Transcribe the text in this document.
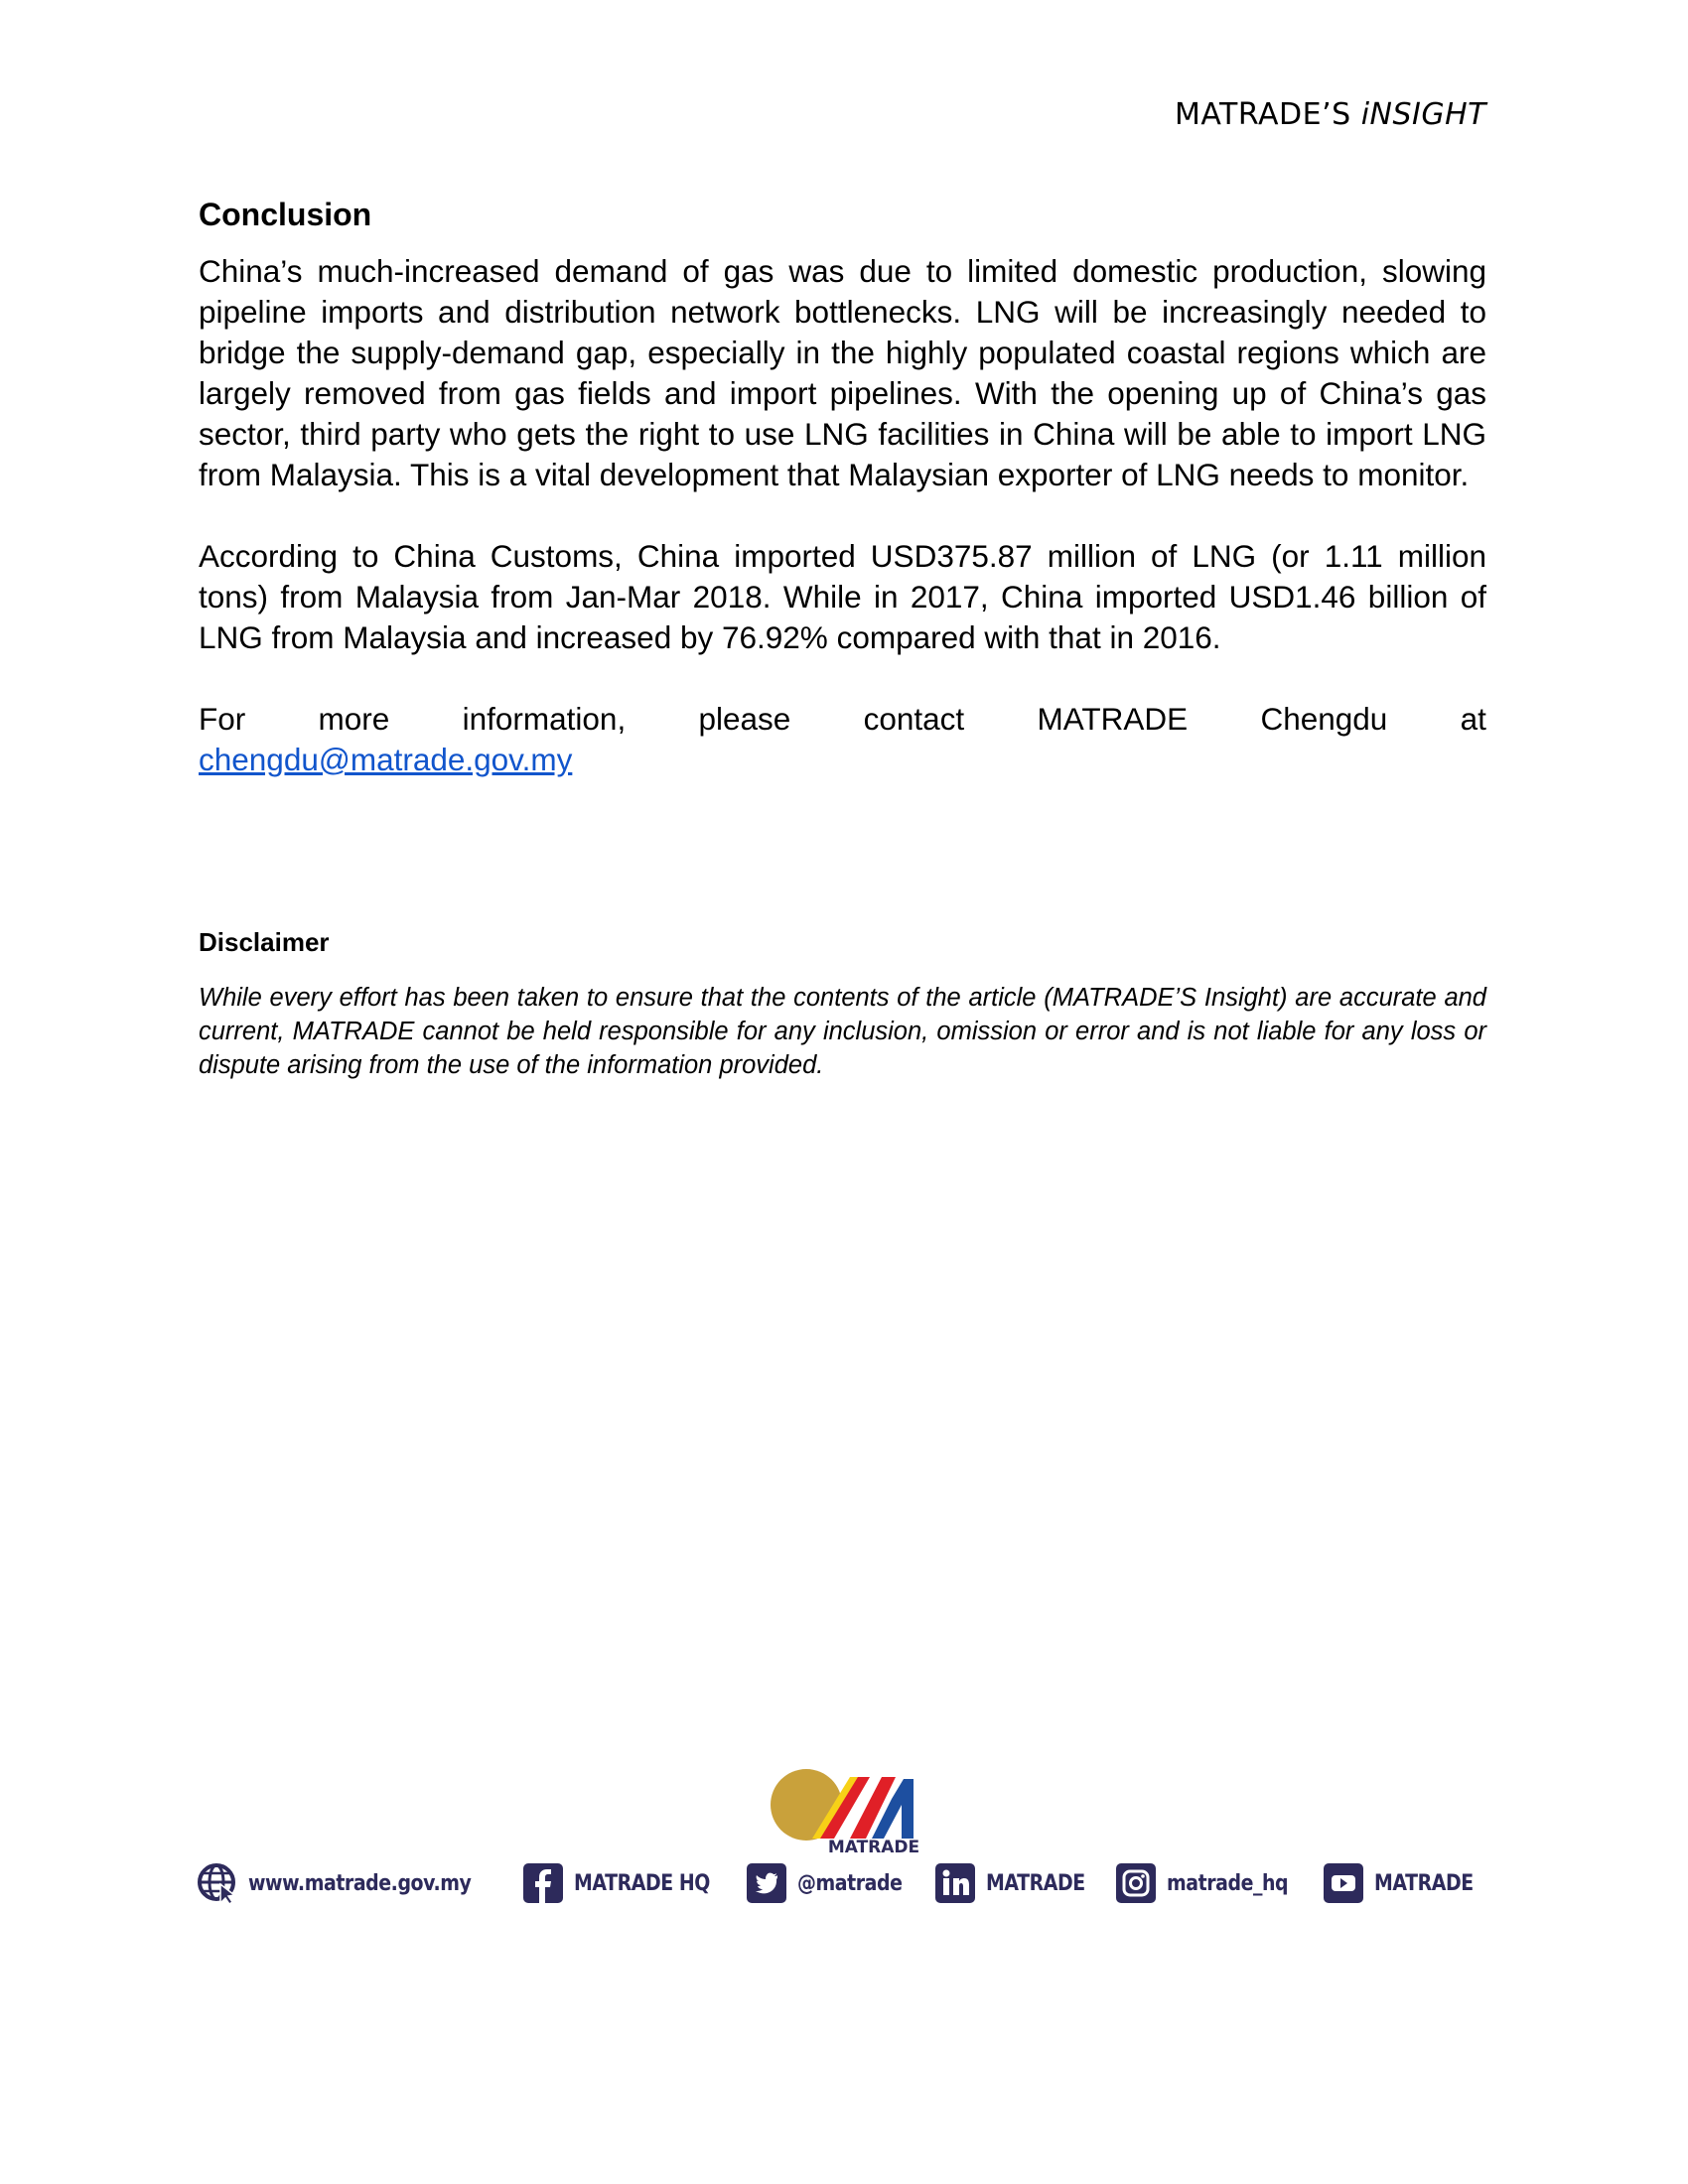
MATRADE’S iNSIGHT
Conclusion

China’s much-increased demand of gas was due to limited domestic production, slowing pipeline imports and distribution network bottlenecks. LNG will be increasingly needed to bridge the supply-demand gap, especially in the highly populated coastal regions which are largely removed from gas fields and import pipelines. With the opening up of China’s gas sector, third party who gets the right to use LNG facilities in China will be able to import LNG from Malaysia. This is a vital development that Malaysian exporter of LNG needs to monitor.

According to China Customs, China imported USD375.87 million of LNG (or 1.11 million tons) from Malaysia from Jan-Mar 2018. While in 2017, China imported USD1.46 billion of LNG from Malaysia and increased by 76.92% compared with that in 2016.

For more information, please contact MATRADE Chengdu at
chengdu@matrade.gov.my
Disclaimer

While every effort has been taken to ensure that the contents of the article (MATRADE’S Insight) are accurate and current, MATRADE cannot be held responsible for any inclusion, omission or error and is not liable for any loss or dispute arising from the use of the information provided.

MATRADE
www.matrade.gov.my	MATRADE HQ	@matrade	MATRADE	matrade_hq	MATRADE
